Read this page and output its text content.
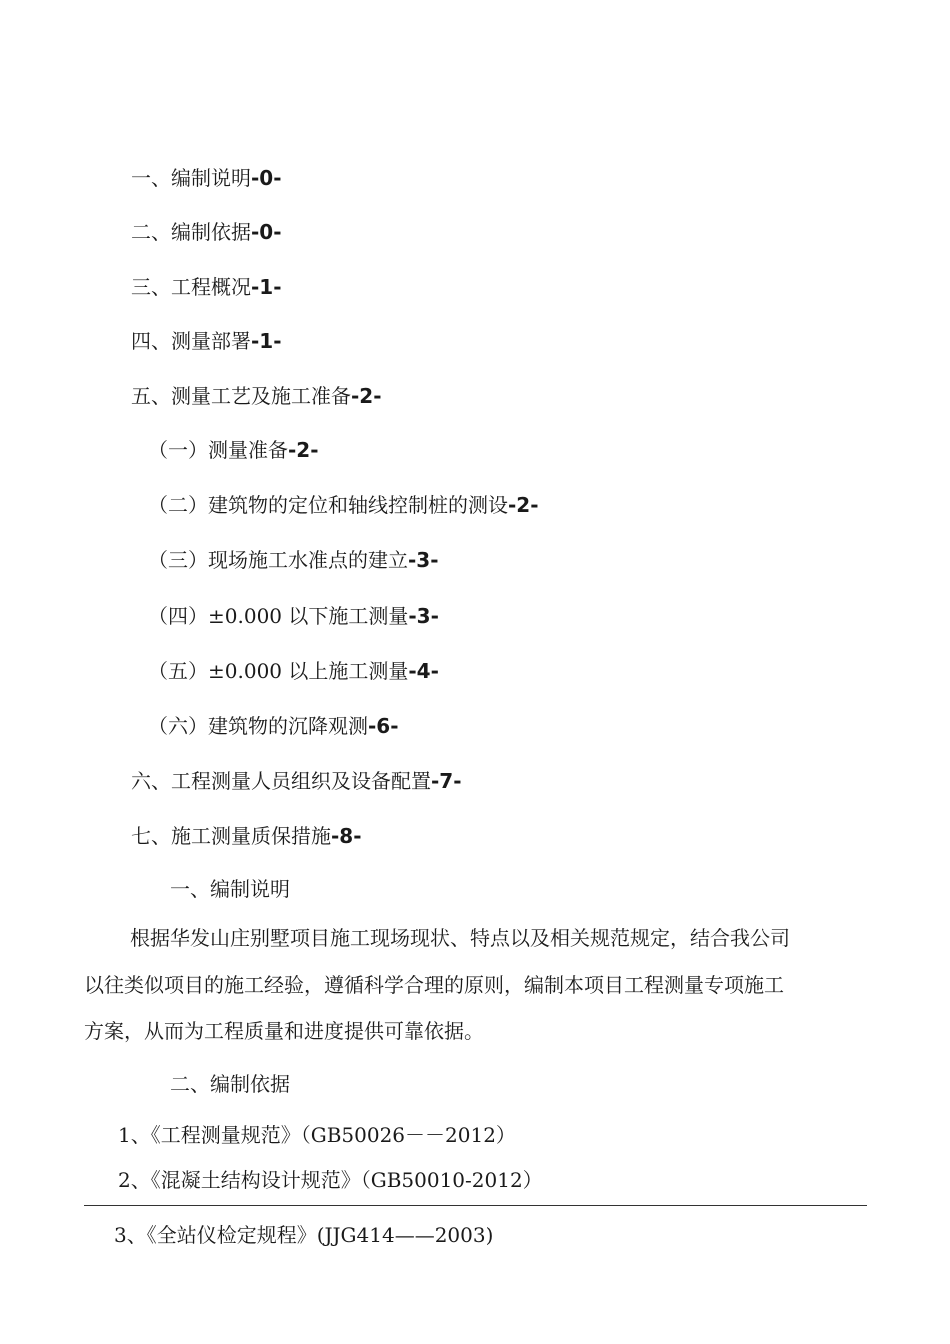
一、编制说明-0-
二、编制依据-0-
三、工程概况-1-
四、测量部署-1-
五、测量工艺及施工准备-2-
（一）测量准备-2-
（二）建筑物的定位和轴线控制桩的测设-2-
（三）现场施工水准点的建立-3-
（四）±0.000 以下施工测量-3-
（五）±0.000 以上施工测量-4-
（六）建筑物的沉降观测-6-
六、工程测量人员组织及设备配置-7-
七、施工测量质保措施-8-
一、编制说明
根据华发山庄别墅项目施工现场现状、特点以及相关规范规定，结合我公司
以往类似项目的施工经验，遵循科学合理的原则，编制本项目工程测量专项施工
方案，从而为工程质量和进度提供可靠依据。
二、编制依据
1、《工程测量规范》（GB50026－－2012）
2、《混凝土结构设计规范》（GB50010-2012）
3、《全站仪检定规程》(JJG414——2003)
